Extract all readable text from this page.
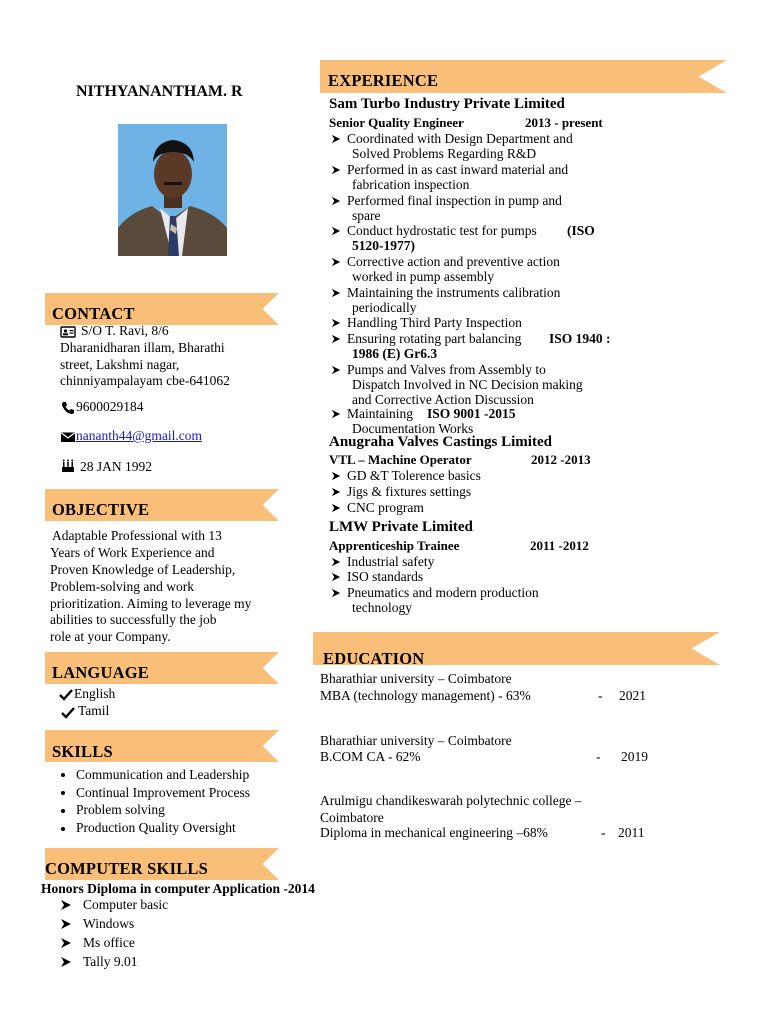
NITHYANANTHAM. R
CONTACT
S/O T. Ravi, 8/6
Dharanidharan illam, Bharathi
street, Lakshmi nagar,
chinniyampalayam cbe-641062
9600029184
nananth44@gmail.com
28 JAN 1992
OBJECTIVE
Adaptable Professional with 13
Years of Work Experience and
Proven Knowledge of Leadership,
Problem-solving and work
prioritization. Aiming to leverage my
abilities to successfully the job
role at your Company.
LANGUAGE
English
Tamil
SKILLS
Communication and Leadership
Continual Improvement Process
Problem solving
Production Quality Oversight
COMPUTER SKILLS
Honors Diploma in computer Application -2014
Computer basic
Windows
Ms office
Tally 9.01
EXPERIENCE
Sam Turbo Industry Private Limited
Senior Quality Engineer	2013 - present
Coordinated with Design Department and
Solved Problems Regarding R&D
Performed in as cast inward material and
fabrication inspection
Performed final inspection in pump and
spare
Conduct hydrostatic test for pumps (ISO
5120-1977)
Corrective action and preventive action
worked in pump assembly
Maintaining the instruments calibration
periodically
Handling Third Party Inspection
Ensuring rotating part balancing ISO 1940 :
1986 (E) Gr6.3
Pumps and Valves from Assembly to
Dispatch Involved in NC Decision making
and Corrective Action Discussion
Maintaining ISO 9001 -2015
Documentation Works
Anugraha Valves Castings Limited
VTL – Machine Operator	2012 -2013
GD &T Tolerence basics
Jigs & fixtures settings
CNC program
LMW Private Limited
Apprenticeship Trainee	2011 -2012
Industrial safety
ISO standards
Pneumatics and modern production
technology
EDUCATION
Bharathiar university – Coimbatore
MBA (technology management) - 63%	- 2021
Bharathiar university – Coimbatore
B.COM CA - 62%	- 2019
Arulmigu chandikeswarah polytechnic college –
Coimbatore
Diploma in mechanical engineering –68%	- 2011
